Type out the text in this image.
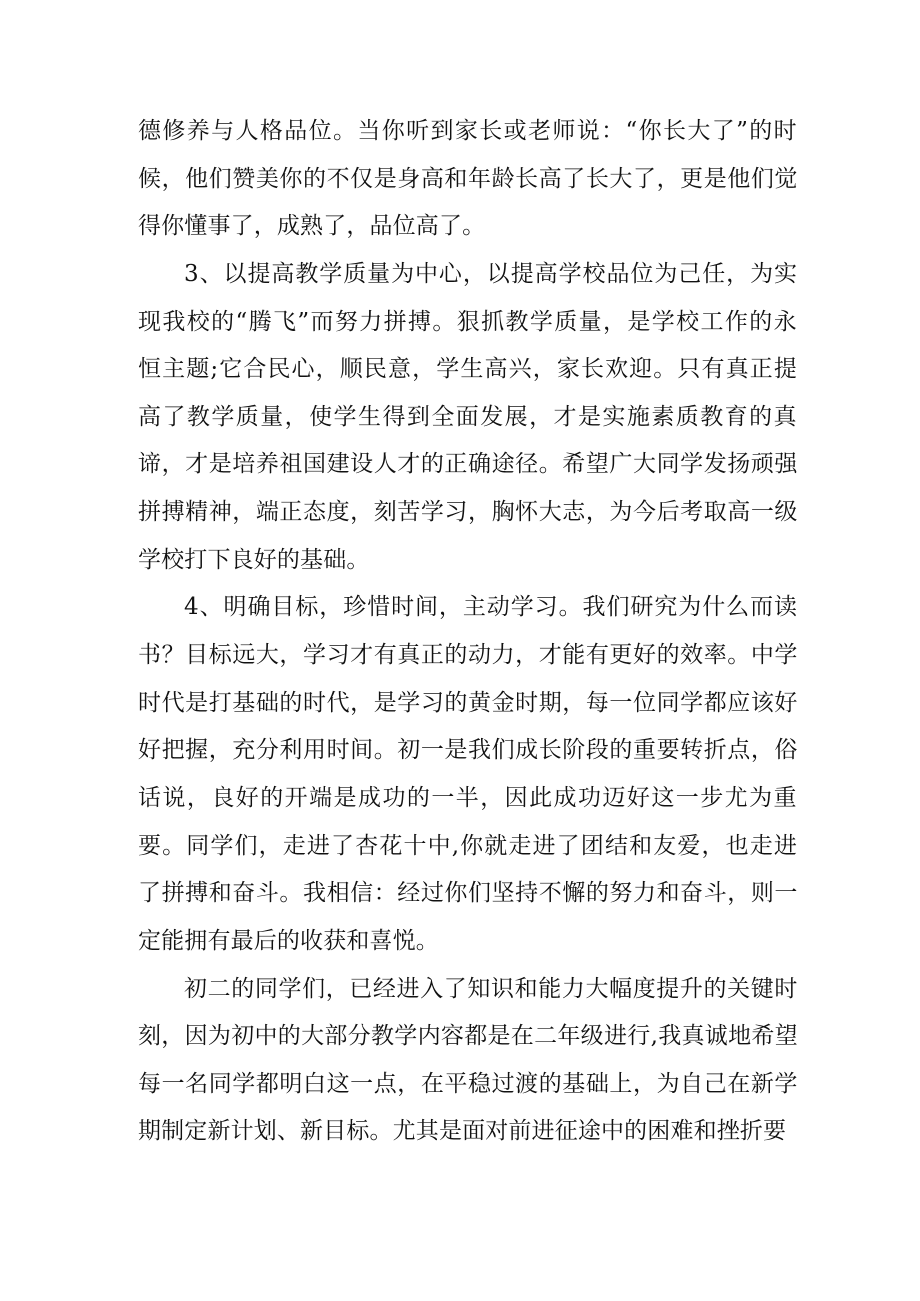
德修养与人格品位。当你听到家长或老师说：“你长大了”的时
候，他们赞美你的不仅是身高和年龄长高了长大了，更是他们觉
得你懂事了，成熟了，品位高了。
3、以提高教学质量为中心，以提高学校品位为己任，为实
现我校的“腾飞”而努力拼搏。狠抓教学质量，是学校工作的永
恒主题;它合民心，顺民意，学生高兴，家长欢迎。只有真正提
高了教学质量，使学生得到全面发展，才是实施素质教育的真
谛，才是培养祖国建设人才的正确途径。希望广大同学发扬顽强
拼搏精神，端正态度，刻苦学习，胸怀大志，为今后考取高一级
学校打下良好的基础。
4、明确目标，珍惜时间，主动学习。我们研究为什么而读
书？目标远大，学习才有真正的动力，才能有更好的效率。中学
时代是打基础的时代，是学习的黄金时期，每一位同学都应该好
好把握，充分利用时间。初一是我们成长阶段的重要转折点，俗
话说，良好的开端是成功的一半，因此成功迈好这一步尤为重
要。同学们，走进了杏花十中,你就走进了团结和友爱，也走进
了拼搏和奋斗。我相信：经过你们坚持不懈的努力和奋斗，则一
定能拥有最后的收获和喜悦。
初二的同学们，已经进入了知识和能力大幅度提升的关键时
刻，因为初中的大部分教学内容都是在二年级进行,我真诚地希望
每一名同学都明白这一点，在平稳过渡的基础上，为自己在新学
期制定新计划、新目标。尤其是面对前进征途中的困难和挫折要
